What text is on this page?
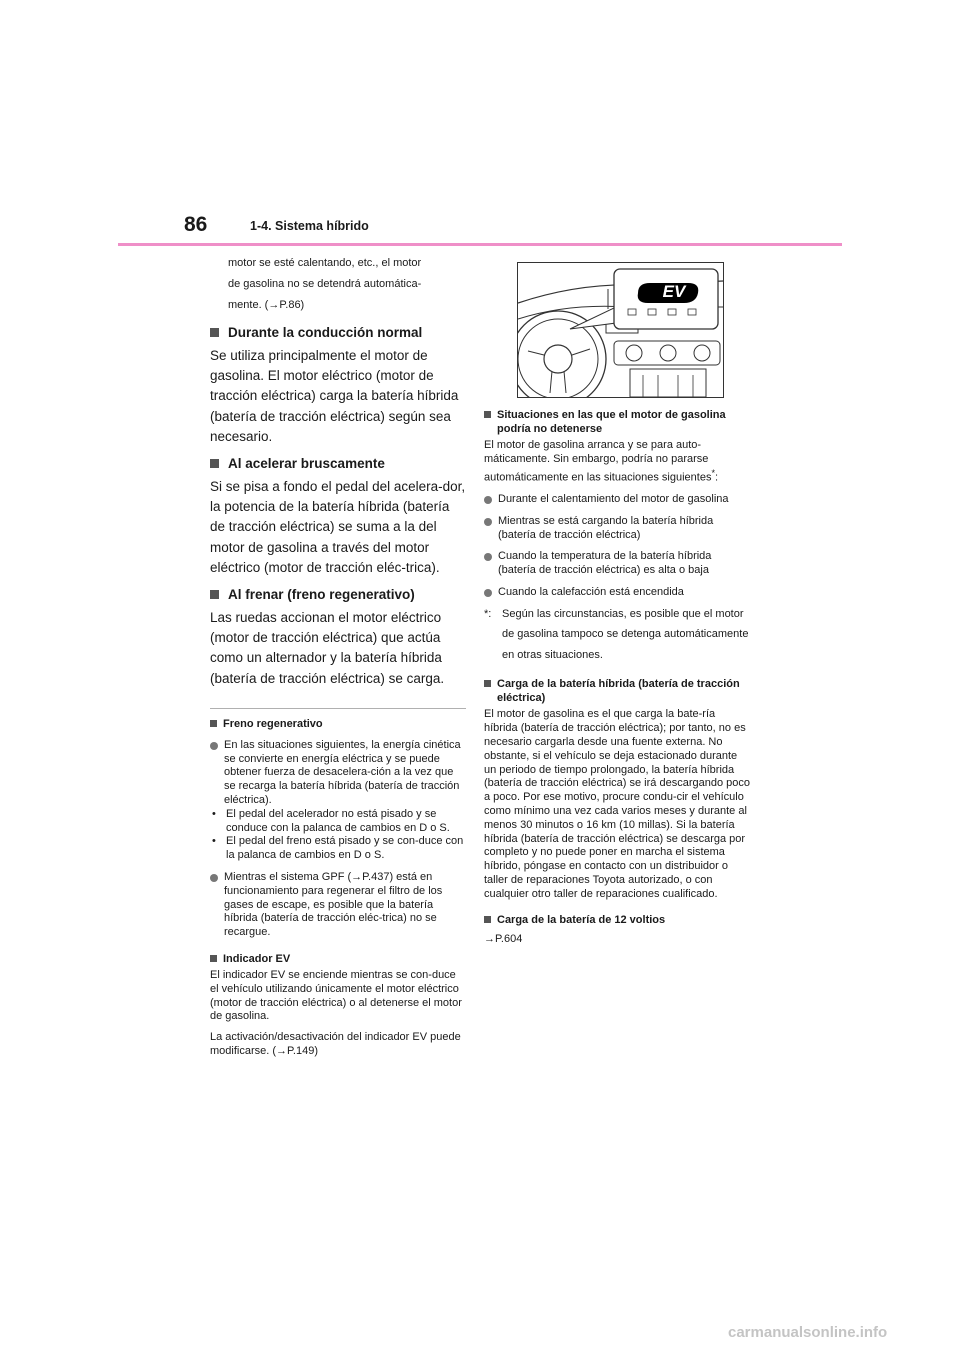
86	1-4. Sistema híbrido

motor se esté calentando, etc., el motor

de gasolina no se detendrá automática-

mente. (→P.86)

Durante la conducción normal

Se utiliza principalmente el motor de gasolina. El motor eléctrico (motor de tracción eléctrica) carga la batería híbrida (batería de tracción eléctrica) según sea necesario.

Al acelerar bruscamente

Si se pisa a fondo el pedal del acelera-dor, la potencia de la batería híbrida (batería de tracción eléctrica) se suma a la del motor de gasolina a través del motor eléctrico (motor de tracción eléc-trica).

Al frenar (freno regenerativo)

Las ruedas accionan el motor eléctrico (motor de tracción eléctrica) que actúa como un alternador y la batería híbrida (batería de tracción eléctrica) se carga.

Freno regenerativo
En las situaciones siguientes, la energía cinética se convierte en energía eléctrica y se puede obtener fuerza de desacelera-ción a la vez que se recarga la batería híbrida (batería de tracción eléctrica).
• El pedal del acelerador no está pisado y se conduce con la palanca de cambios en D o S.
• El pedal del freno está pisado y se con-duce con la palanca de cambios en D o S.
Mientras el sistema GPF (→P.437) está en funcionamiento para regenerar el filtro de los gases de escape, es posible que la batería híbrida (batería de tracción eléc-trica) no se recargue.
Indicador EV

El indicador EV se enciende mientras se con-duce el vehículo utilizando únicamente el motor eléctrico (motor de tracción eléctrica) o al detenerse el motor de gasolina.

La activación/desactivación del indicador EV puede modificarse. (→P.149)

EV
Situaciones en las que el motor de gasolina podría no detenerse

El motor de gasolina arranca y se para auto-máticamente. Sin embargo, podría no pararse automáticamente en las situaciones siguientes*:

Durante el calentamiento del motor de gasolina
Mientras se está cargando la batería híbrida (batería de tracción eléctrica)
Cuando la temperatura de la batería híbrida (batería de tracción eléctrica) es alta o baja
Cuando la calefacción está encendida
*: Según las circunstancias, es posible que el motor de gasolina tampoco se detenga automáticamente en otras situaciones.
Carga de la batería híbrida (batería de tracción eléctrica)

El motor de gasolina es el que carga la bate-ría híbrida (batería de tracción eléctrica); por tanto, no es necesario cargarla desde una fuente externa. No obstante, si el vehículo se deja estacionado durante un periodo de tiempo prolongado, la batería híbrida (batería de tracción eléctrica) se irá descargando poco a poco. Por ese motivo, procure condu-cir el vehículo como mínimo una vez cada varios meses y durante al menos 30 minutos o 16 km (10 millas). Si la batería híbrida (batería de tracción eléctrica) se descarga por completo y no puede poner en marcha el sistema híbrido, póngase en contacto con un distribuidor o taller de reparaciones Toyota autorizado, o con cualquier otro taller de reparaciones cualificado.

Carga de la batería de 12 voltios

→P.604

carmanualsonline.info
